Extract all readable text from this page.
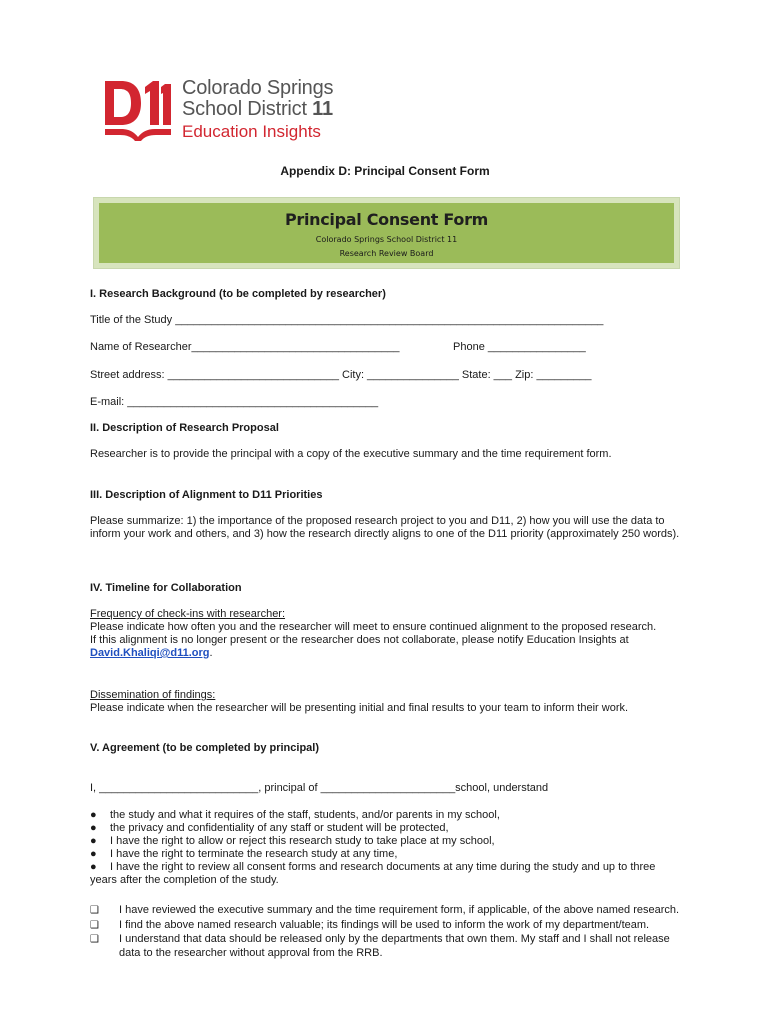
Colorado Springs
School District 11
Education Insights
Appendix D: Principal Consent Form
Principal Consent Form
Colorado Springs School District 11
Research Review Board
I. Research Background (to be completed by researcher)
Title of the Study ______________________________________________________________________
Name of Researcher__________________________________	Phone ________________
Street address: ____________________________ City: _______________ State: ___ Zip: _________
E-mail: _________________________________________
II. Description of Research Proposal
Researcher is to provide the principal with a copy of the executive summary and the time requirement form.
III. Description of Alignment to D11 Priorities
Please summarize: 1) the importance of the proposed research project to you and D11, 2) how you will use the data to inform your work and others, and 3) how the research directly aligns to one of the D11 priority (approximately 250 words).
IV. Timeline for Collaboration
Frequency of check-ins with researcher:
Please indicate how often you and the researcher will meet to ensure continued alignment to the proposed research.
If this alignment is no longer present or the researcher does not collaborate, please notify Education Insights at
David.Khaliqi@d11.org.
Dissemination of findings:
Please indicate when the researcher will be presenting initial and final results to your team to inform their work.
V. Agreement (to be completed by principal)
I, __________________________, principal of ______________________school, understand
●	the study and what it requires of the staff, students, and/or parents in my school,
●	the privacy and confidentiality of any staff or student will be protected,
●	I have the right to allow or reject this research study to take place at my school,
●	I have the right to terminate the research study at any time,
●	I have the right to review all consent forms and research documents at any time during the study and up to three
years after the completion of the study.
❑	I have reviewed the executive summary and the time requirement form, if applicable, of the above named research.
❑	I find the above named research valuable; its findings will be used to inform the work of my department/team.
❑	I understand that data should be released only by the departments that own them. My staff and I shall not release data to the researcher without approval from the RRB.
